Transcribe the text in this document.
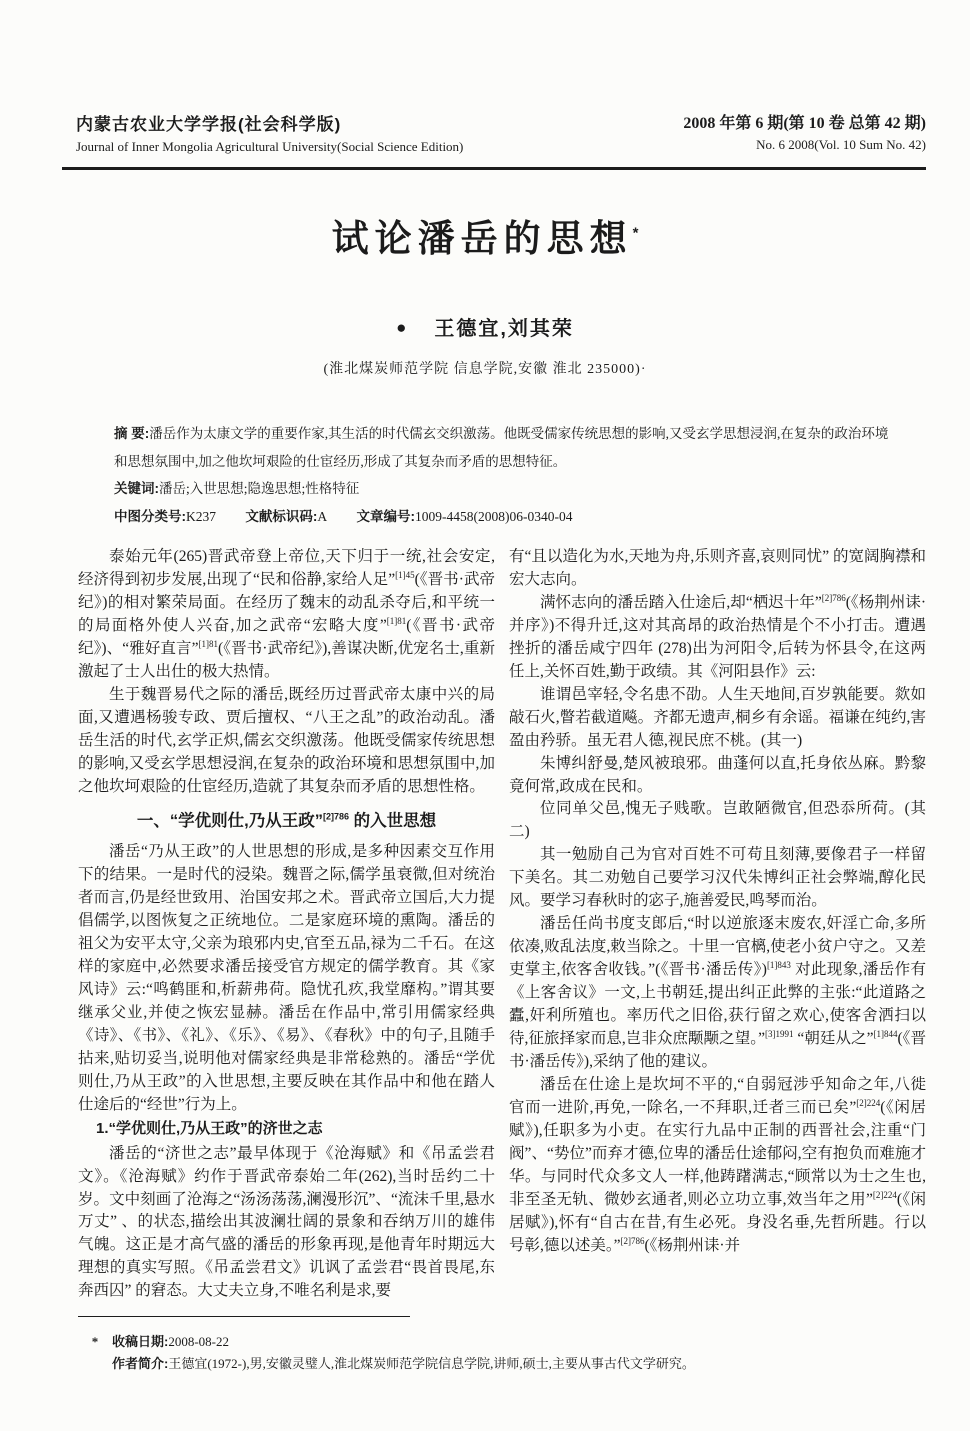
内蒙古农业大学学报(社会科学版)
Journal of Inner Mongolia Agricultural University(Social Science Edition)
2008 年第 6 期(第 10 卷 总第 42 期)
No. 6 2008(Vol. 10 Sum No. 42)
试论潘岳的思想*
● 王德宜,刘其荣
(淮北煤炭师范学院 信息学院,安徽 淮北 235000)·
摘 要:潘岳作为太康文学的重要作家,其生活的时代儒玄交织激荡。他既受儒家传统思想的影响,又受玄学思想浸润,在复杂的政治环境和思想氛围中,加之他坎坷艰险的仕宦经历,形成了其复杂而矛盾的思想特征。
关键词:潘岳;入世思想;隐逸思想;性格特征
中图分类号:K237 文献标识码:A 文章编号:1009-4458(2008)06-0340-04

泰始元年(265)晋武帝登上帝位,天下归于一统,社会安定,经济得到初步发展,出现了“民和俗静,家给人足”$^{[1]45}$(《晋书·武帝纪》)的相对繁荣局面。在经历了魏末的动乱杀夺后,和平统一的局面格外使人兴奋,加之武帝“宏略大度”$^{[1]81}$(《晋书·武帝纪》)、“雅好直言”$^{[1]81}$(《晋书·武帝纪》),善谋决断,优宠名士,重新激起了士人出仕的极大热情。

生于魏晋易代之际的潘岳,既经历过晋武帝太康中兴的局面,又遭遇杨骏专政、贾后擅权、“八王之乱”的政治动乱。潘岳生活的时代,玄学正炽,儒玄交织激荡。他既受儒家传统思想的影响,又受玄学思想浸润,在复杂的政治环境和思想氛围中,加之他坎坷艰险的仕宦经历,造就了其复杂而矛盾的思想性格。

一、“学优则仕,乃从王政”$^{[2]786}$ 的入世思想

潘岳“乃从王政”的人世思想的形成,是多种因素交互作用下的结果。一是时代的浸染。魏晋之际,儒学虽衰微,但对统治者而言,仍是经世致用、治国安邦之术。晋武帝立国后,大力提倡儒学,以图恢复之正统地位。二是家庭环境的熏陶。潘岳的祖父为安平太守,父亲为琅邪内史,官至五品,禄为二千石。在这样的家庭中,必然要求潘岳接受官方规定的儒学教育。其《家风诗》云:“鸣鹤匪和,析薪弗荷。隐忧孔疚,我堂靡构。”谓其要继承父业,并使之恢宏显赫。潘岳在作品中,常引用儒家经典《诗》、《书》、《礼》、《乐》、《易》、《春秋》中的句子,且随手拈来,贴切妥当,说明他对儒家经典是非常稔熟的。潘岳“学优则仕,乃从王政”的入世思想,主要反映在其作品中和他在踏人仕途后的“经世”行为上。

1.“学优则仕,乃从王政”的济世之志

潘岳的“济世之志”最早体现于《沧海赋》和《吊孟尝君文》。《沧海赋》约作于晋武帝泰始二年(262),当时岳约二十岁。文中刻画了沧海之“汤汤荡荡,澜漫形沉”、“流沫千里,悬水万丈” 、的状态,描绘出其波澜壮阔的景象和吞纳万川的雄伟气魄。这正是才高气盛的潘岳的形象再现,是他青年时期远大理想的真实写照。《吊孟尝君文》讥讽了孟尝君“畏首畏尾,东奔西囚” 的窘态。大丈夫立身,不唯名利是求,要

有“且以造化为水,天地为舟,乐则齐喜,哀则同忧” 的宽阔胸襟和宏大志向。

满怀志向的潘岳踏入仕途后,却“栖迟十年”$^{[2]786}$(《杨荆州诔·并序》)不得升迁,这对其高昂的政治热情是个不小打击。遭遇挫折的潘岳咸宁四年 (278)出为河阳令,后转为怀县令,在这两任上,关怀百姓,勤于政绩。其《河阳县作》云:

谁谓邑宰轻,令名患不劭。人生天地间,百岁孰能要。欻如敲石火,瞥若截道飚。齐都无遗声,桐乡有余谣。福谦在纯约,害盈由矜骄。虽无君人德,视民庶不桃。(其一)

朱博纠舒曼,楚风被琅邪。曲蓬何以直,托身依丛麻。黔黎竟何常,政成在民和。

位同单父邑,愧无子贱歌。岂敢陋微官,但恐忝所荷。(其二)

其一勉励自己为官对百姓不可苟且刻薄,要像君子一样留下美名。其二劝勉自己要学习汉代朱博纠正社会弊端,醇化民风。要学习春秋时的宓子,施善爱民,鸣琴而治。

潘岳任尚书度支郎后,“时以逆旅逐末废农,奸淫亡命,多所依凑,败乱法度,敕当除之。十里一官樆,使老小贫户守之。又差吏掌主,依客舍收钱。”(《晋书·潘岳传》)$^{[1]843}$ 对此现象,潘岳作有《上客舍议》一文,上书朝廷,提出纠正此弊的主张:“此道路之蠹,奸利所殖也。率历代之旧俗,获行留之欢心,使客舍洒扫以待,征旅择家而息,岂非众庶颙颙之望。”$^{[3]1991}$ “朝廷从之”$^{[1]844}$(《晋书·潘岳传》),采纳了他的建议。

潘岳在仕途上是坎坷不平的,“自弱冠涉乎知命之年,八徙官而一进阶,再免,一除名,一不拜职,迁者三而已矣”$^{[2]224}$(《闲居赋》),任职多为小吏。在实行九品中正制的西晋社会,注重“门阀”、“势位”而弃才德,位卑的潘岳仕途郁闷,空有抱负而难施才华。与同时代众多文人一样,他踌躇满志,“顾常以为士之生也,非至圣无轨、微妙玄通者,则必立功立事,效当年之用”$^{[2]224}$(《闲居赋》),怀有“自古在昔,有生必死。身没名垂,先哲所韪。行以号彰,德以述美。”$^{[2]786}$(《杨荆州诔·并

* 收稿日期:2008-08-22
作者简介:王德宜(1972-),男,安徽灵璧人,淮北煤炭师范学院信息学院,讲师,硕士,主要从事古代文学研究。
